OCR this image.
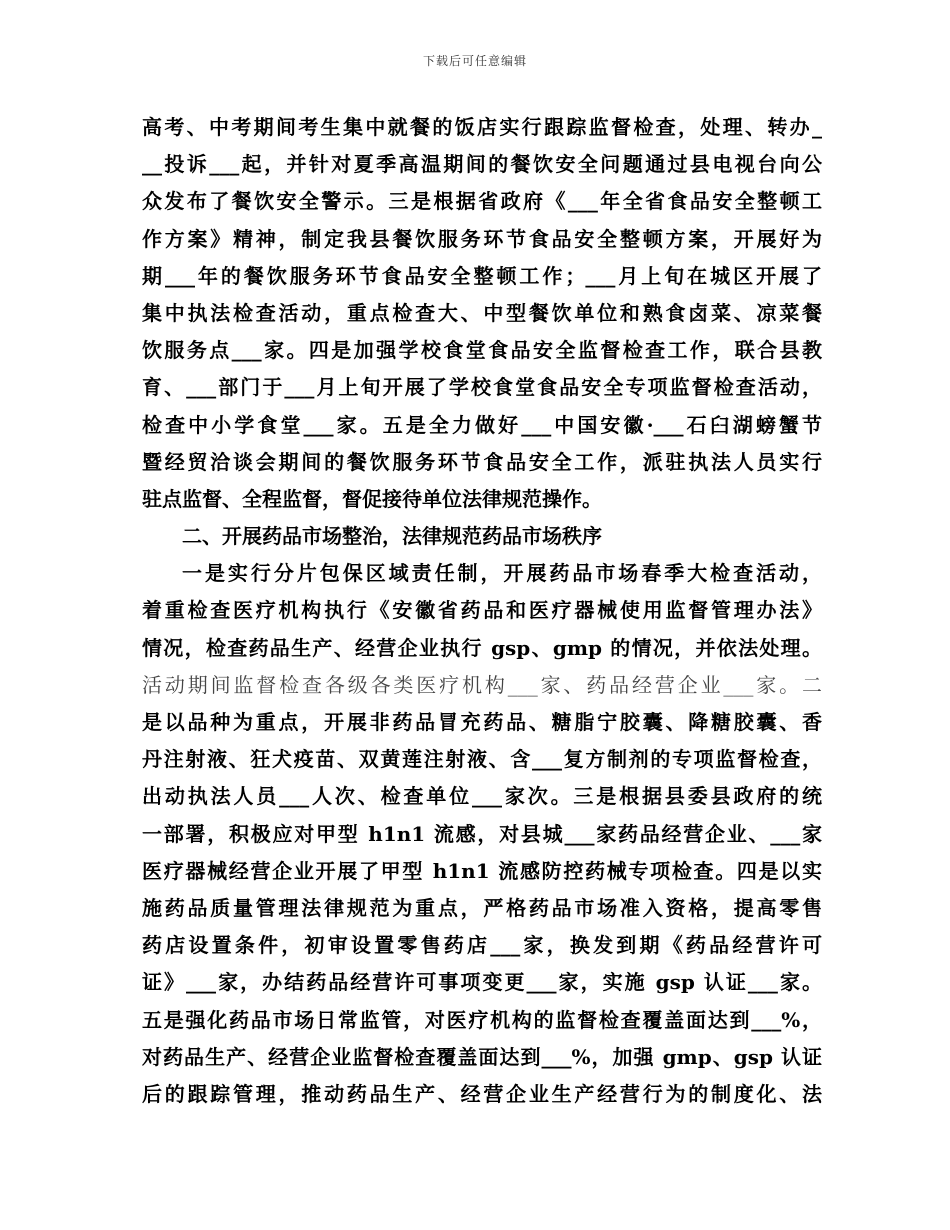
下载后可任意编辑
高考、中考期间考生集中就餐的饭店实行跟踪监督检查，处理、转办_
__投诉___起，并针对夏季高温期间的餐饮安全问题通过县电视台向公
众发布了餐饮安全警示。三是根据省政府《___年全省食品安全整顿工
作方案》精神，制定我县餐饮服务环节食品安全整顿方案，开展好为
期___年的餐饮服务环节食品安全整顿工作；___月上旬在城区开展了
集中执法检查活动，重点检查大、中型餐饮单位和熟食卤菜、凉菜餐
饮服务点___家。四是加强学校食堂食品安全监督检查工作，联合县教
育、___部门于___月上旬开展了学校食堂食品安全专项监督检查活动，
检查中小学食堂___家。五是全力做好___中国安徽·___石臼湖螃蟹节
暨经贸洽谈会期间的餐饮服务环节食品安全工作，派驻执法人员实行
驻点监督、全程监督，督促接待单位法律规范操作。
二、开展药品市场整治，法律规范药品市场秩序
一是实行分片包保区域责任制，开展药品市场春季大检查活动，
着重检查医疗机构执行《安徽省药品和医疗器械使用监督管理办法》
情况，检查药品生产、经营企业执行 gsp、gmp 的情况，并依法处理。
活动期间监督检查各级各类医疗机构___家、药品经营企业___家。二
是以品种为重点，开展非药品冒充药品、糖脂宁胶囊、降糖胶囊、香
丹注射液、狂犬疫苗、双黄莲注射液、含___复方制剂的专项监督检查，
出动执法人员___人次、检查单位___家次。三是根据县委县政府的统
一部署，积极应对甲型 h1n1 流感，对县城___家药品经营企业、___家
医疗器械经营企业开展了甲型 h1n1 流感防控药械专项检查。四是以实
施药品质量管理法律规范为重点，严格药品市场准入资格，提高零售
药店设置条件，初审设置零售药店___家，换发到期《药品经营许可
证》___家，办结药品经营许可事项变更___家，实施 gsp 认证___家。
五是强化药品市场日常监管，对医疗机构的监督检查覆盖面达到___%，
对药品生产、经营企业监督检查覆盖面达到___%，加强 gmp、gsp 认证
后的跟踪管理，推动药品生产、经营企业生产经营行为的制度化、法
